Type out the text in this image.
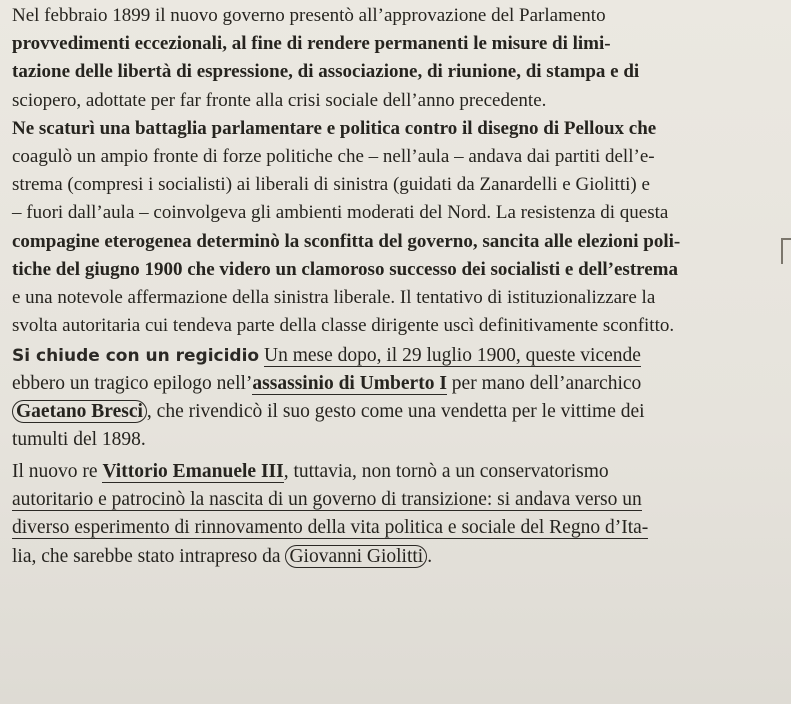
Nel febbraio 1899 il nuovo governo presentò all’approvazione del Parlamento
provvedimenti eccezionali, al fine di rendere permanenti le misure di limi-
tazione delle libertà di espressione, di associazione, di riunione, di stampa e di
sciopero, adottate per far fronte alla crisi sociale dell’anno precedente.
Ne scaturì una battaglia parlamentare e politica contro il disegno di Pelloux che
coagulò un ampio fronte di forze politiche che – nell’aula – andava dai partiti dell’e-
strema (compresi i socialisti) ai liberali di sinistra (guidati da Zanardelli e Giolitti) e
– fuori dall’aula – coinvolgeva gli ambienti moderati del Nord. La resistenza di questa
compagine eterogenea determinò la sconfitta del governo, sancita alle elezioni poli-
tiche del giugno 1900 che videro un clamoroso successo dei socialisti e dell’estrema
e una notevole affermazione della sinistra liberale. Il tentativo di istituzionalizzare la
svolta autoritaria cui tendeva parte della classe dirigente uscì definitivamente sconfitto.
Si chiude con un regicidio Un mese dopo, il 29 luglio 1900, queste vicende
ebbero un tragico epilogo nell’assassinio di Umberto I per mano dell’anarchico
Gaetano Bresci , che rivendicò il suo gesto come una vendetta per le vittime dei
tumulti del 1898.
Il nuovo re Vittorio Emanuele III, tuttavia, non tornò a un conservatorismo
autoritario e patrocinò la nascita di un governo di transizione: si andava verso un
diverso esperimento di rinnovamento della vita politica e sociale del Regno d’Ita-
lia, che sarebbe stato intrapreso da Giovanni Giolitti .
